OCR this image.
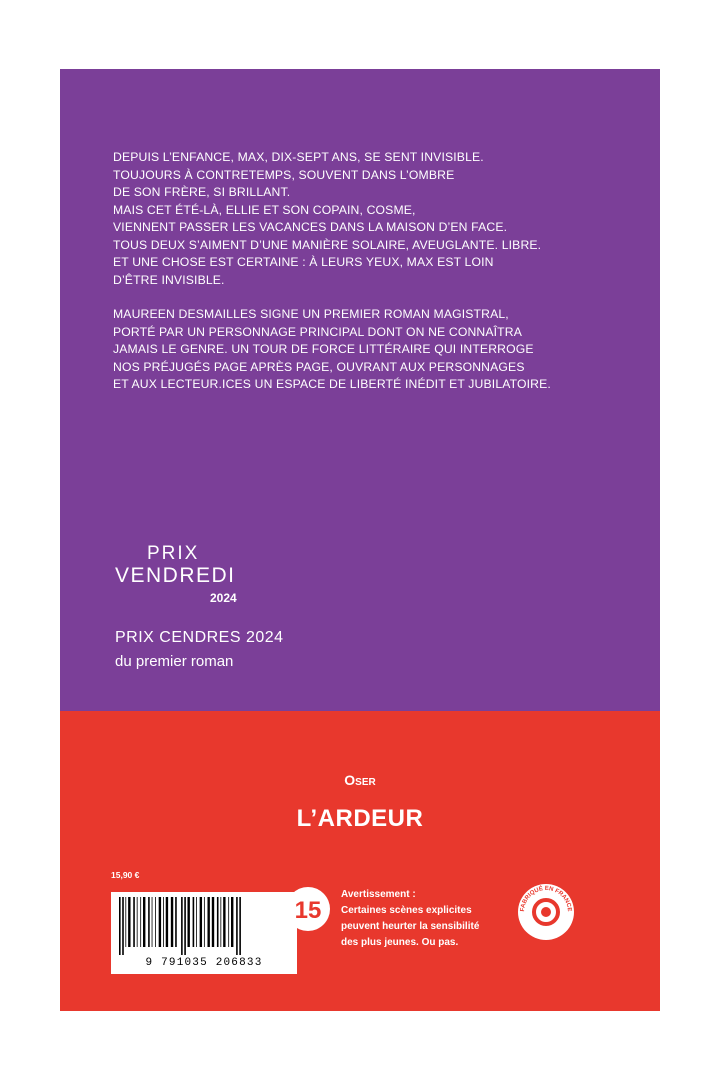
DEPUIS L’ENFANCE, MAX, DIX-SEPT ANS, SE SENT INVISIBLE.
TOUJOURS À CONTRETEMPS, SOUVENT DANS L’OMBRE
DE SON FRÈRE, SI BRILLANT.
MAIS CET ÉTÉ-LÀ, ELLIE ET SON COPAIN, COSME,
VIENNENT PASSER LES VACANCES DANS LA MAISON D’EN FACE.
TOUS DEUX S’AIMENT D’UNE MANIÈRE SOLAIRE, AVEUGLANTE. LIBRE.
ET UNE CHOSE EST CERTAINE : À LEURS YEUX, MAX EST LOIN
D’ÊTRE INVISIBLE.

MAUREEN DESMAILLES SIGNE UN PREMIER ROMAN MAGISTRAL,
PORTÉ PAR UN PERSONNAGE PRINCIPAL DONT ON NE CONNAÎTRA
JAMAIS LE GENRE. UN TOUR DE FORCE LITTÉRAIRE QUI INTERROGE
NOS PRÉJUGÉS PAGE APRÈS PAGE, OUVRANT AUX PERSONNAGES
ET AUX LECTEUR.ICES UN ESPACE DE LIBERTÉ INÉDIT ET JUBILATOIRE.

PRIX
VENDREDI
2024
PRIX CENDRES 2024
du premier roman
Oser
L’ARDEUR
15,90 €
9 791035 206833
15
Avertissement :
Certaines scènes explicites
peuvent heurter la sensibilité
des plus jeunes. Ou pas.
FABRIQUÉ EN FRANCE
